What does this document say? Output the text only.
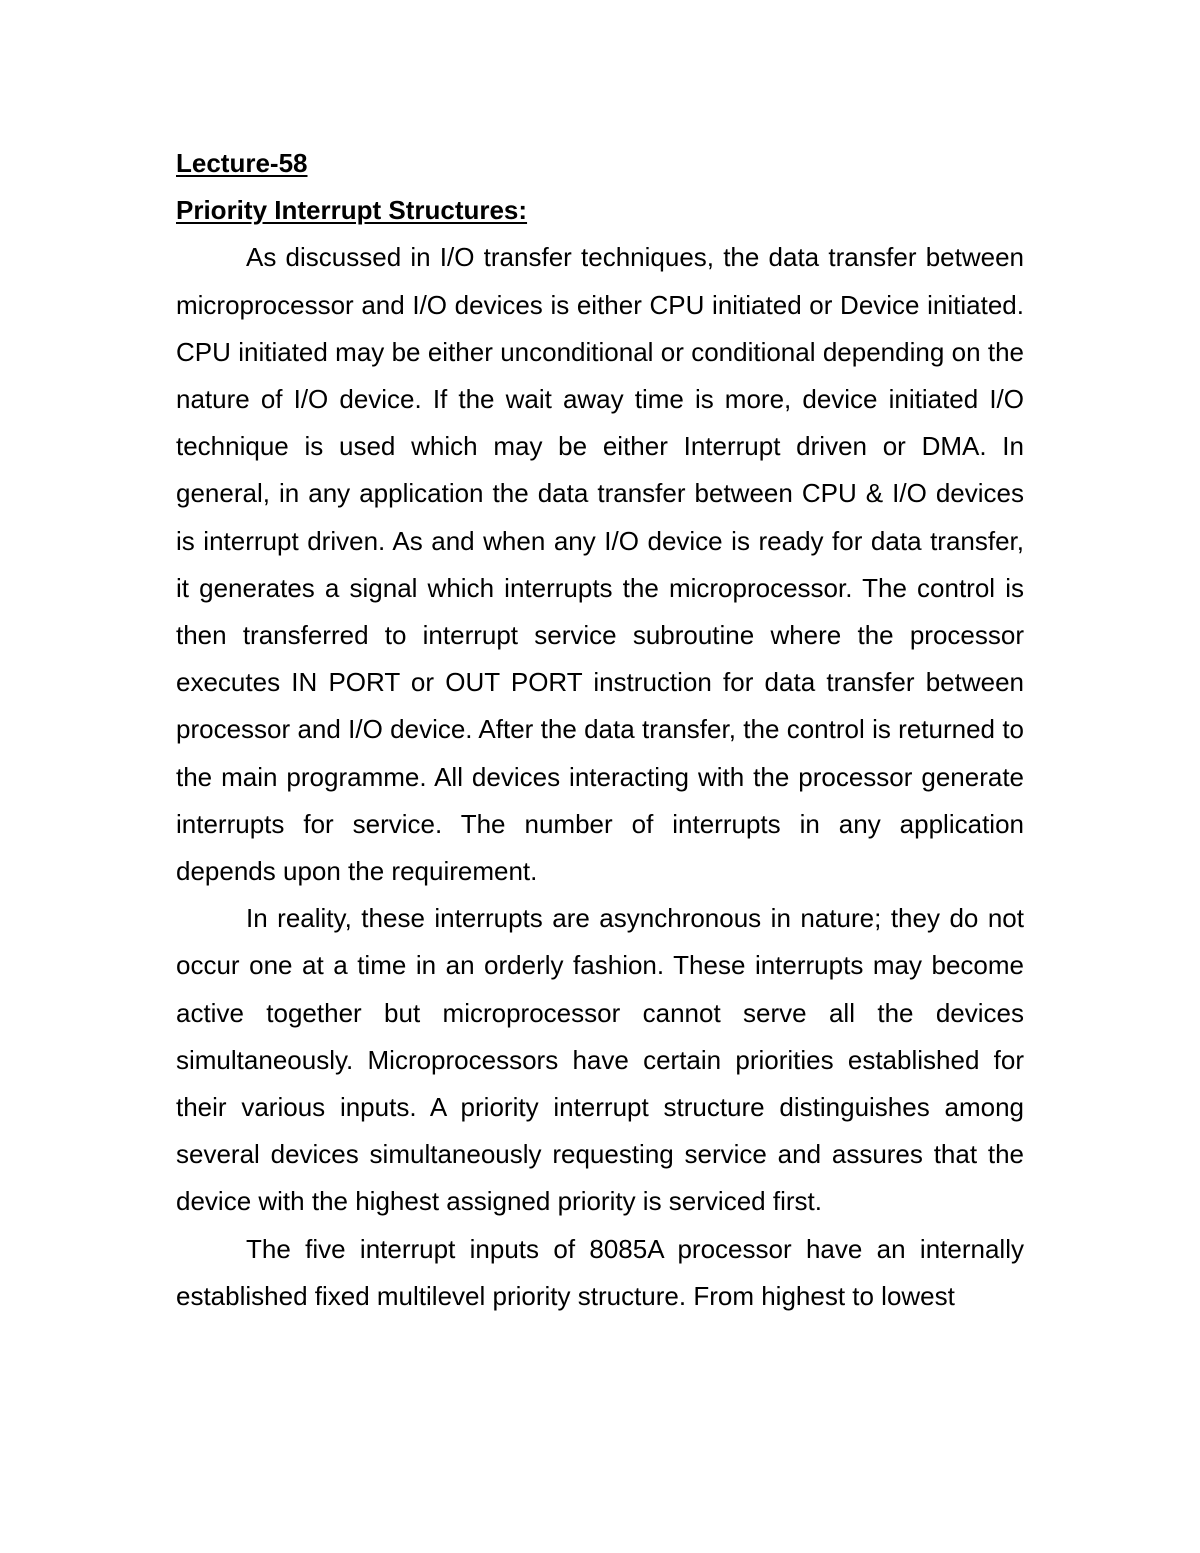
Lecture-58

Priority Interrupt Structures:

As discussed in I/O transfer techniques, the data transfer between microprocessor and I/O devices is either CPU initiated or Device initiated. CPU initiated may be either unconditional or conditional depending on the nature of I/O device. If the wait away time is more, device initiated I/O technique is used which may be either Interrupt driven or DMA. In general, in any application the data transfer between CPU & I/O devices is interrupt driven. As and when any I/O device is ready for data transfer, it generates a signal which interrupts the microprocessor. The control is then transferred to interrupt service subroutine where the processor executes IN PORT or OUT PORT instruction for data transfer between processor and I/O device. After the data transfer, the control is returned to the main programme. All devices interacting with the processor generate interrupts for service. The number of interrupts in any application depends upon the requirement.

In reality, these interrupts are asynchronous in nature; they do not occur one at a time in an orderly fashion. These interrupts may become active together but microprocessor cannot serve all the devices simultaneously. Microprocessors have certain priorities established for their various inputs. A priority interrupt structure distinguishes among several devices simultaneously requesting service and assures that the device with the highest assigned priority is serviced first.

The five interrupt inputs of 8085A processor have an internally established fixed multilevel priority structure. From highest to lowest
